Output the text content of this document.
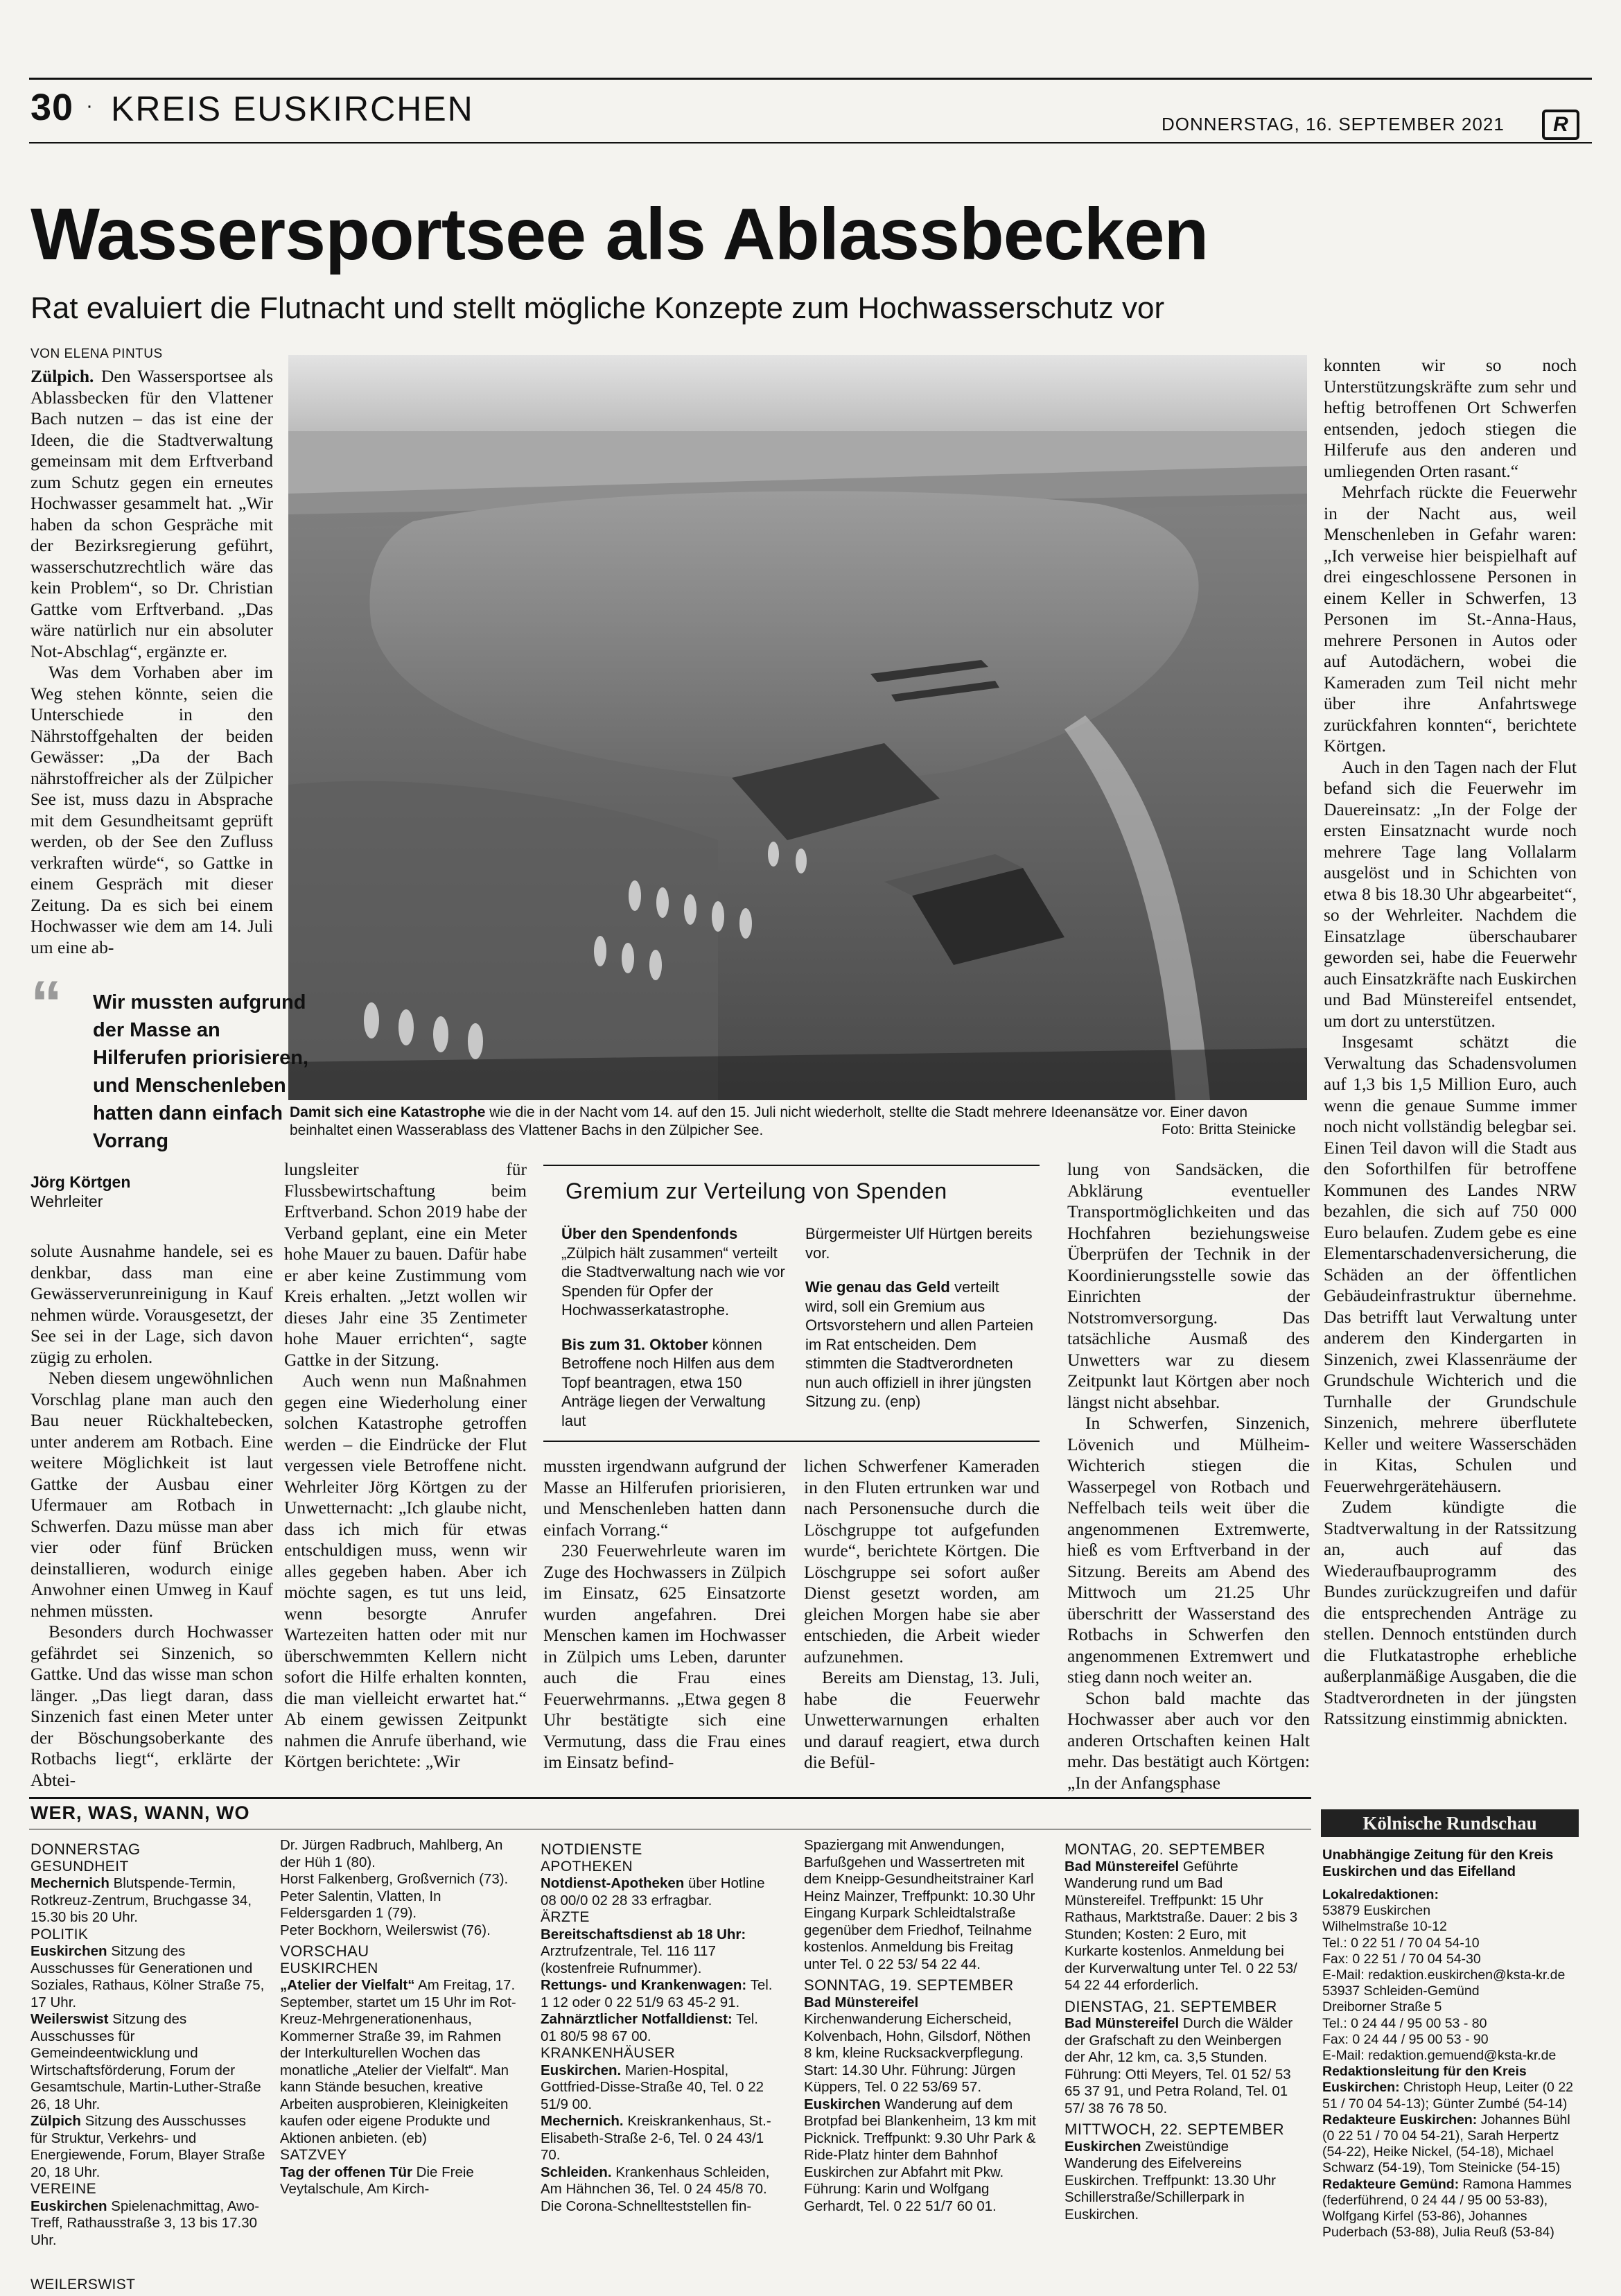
30 · KREIS EUSKIRCHEN	DONNERSTAG, 16. SEPTEMBER 2021	R
Wassersportsee als Ablassbecken
Rat evaluiert die Flutnacht und stellt mögliche Konzepte zum Hochwasserschutz vor
VON ELENA PINTUS
Damit sich eine Katastrophe wie die in der Nacht vom 14. auf den 15. Juli nicht wiederholt, stellte die Stadt mehrere Ideenansätze vor. Einer davon beinhaltet einen Wasserablass des Vlattener Bachs in den Zülpicher See.	Foto: Britta Steinicke

Zülpich. Den Wassersportsee als Ablassbecken für den Vlattener Bach nutzen – das ist eine der Ideen, die die Stadtverwaltung gemeinsam mit dem Erftverband zum Schutz gegen ein erneutes Hochwasser gesammelt hat. „Wir haben da schon Gespräche mit der Bezirksregierung geführt, wasserschutzrechtlich wäre das kein Problem“, so Dr. Christian Gattke vom Erftverband. „Das wäre natürlich nur ein absoluter Not-Abschlag“, ergänzte er.

Was dem Vorhaben aber im Weg stehen könnte, seien die Unterschiede in den Nährstoffgehalten der beiden Gewässer: „Da der Bach nährstoffreicher als der Zülpicher See ist, muss dazu in Absprache mit dem Gesundheitsamt geprüft werden, ob der See den Zufluss verkraften würde“, so Gattke in einem Gespräch mit dieser Zeitung. Da es sich bei einem Hochwasser wie dem am 14. Juli um eine ab-

“ Wir mussten aufgrund der Masse an Hilferufen priorisieren, und Menschenleben hatten dann einfach Vorrang
Jörg Körtgen
Wehrleiter

solute Ausnahme handele, sei es denkbar, dass man eine Gewässerverunreinigung in Kauf nehmen würde. Vorausgesetzt, der See sei in der Lage, sich davon zügig zu erholen.

Neben diesem ungewöhnlichen Vorschlag plane man auch den Bau neuer Rückhaltebecken, unter anderem am Rotbach. Eine weitere Möglichkeit ist laut Gattke der Ausbau einer Ufermauer am Rotbach in Schwerfen. Dazu müsse man aber vier oder fünf Brücken deinstallieren, wodurch einige Anwohner einen Umweg in Kauf nehmen müssten.

Besonders durch Hochwasser gefährdet sei Sinzenich, so Gattke. Und das wisse man schon länger. „Das liegt daran, dass Sinzenich fast einen Meter unter der Böschungsoberkante des Rotbachs liegt“, erklärte der Abtei-

lungsleiter für Flussbewirtschaftung beim Erftverband. Schon 2019 habe der Verband geplant, eine ein Meter hohe Mauer zu bauen. Dafür habe er aber keine Zustimmung vom Kreis erhalten. „Jetzt wollen wir dieses Jahr eine 35 Zentimeter hohe Mauer errichten“, sagte Gattke in der Sitzung.

Auch wenn nun Maßnahmen gegen eine Wiederholung einer solchen Katastrophe getroffen werden – die Eindrücke der Flut vergessen viele Betroffene nicht. Wehrleiter Jörg Körtgen zu der Unwetternacht: „Ich glaube nicht, dass ich mich für etwas entschuldigen muss, wenn wir alles gegeben haben. Aber ich möchte sagen, es tut uns leid, wenn besorgte Anrufer Wartezeiten hatten oder mit nur überschwemmten Kellern nicht sofort die Hilfe erhalten konnten, die man vielleicht erwartet hat.“ Ab einem gewissen Zeitpunkt nahmen die Anrufe überhand, wie Körtgen berichtete: „Wir

Gremium zur Verteilung von Spenden

Über den Spendenfonds „Zülpich hält zusammen“ verteilt die Stadtverwaltung nach wie vor Spenden für Opfer der Hochwasserkatastrophe.

Bis zum 31. Oktober können Betroffene noch Hilfen aus dem Topf beantragen, etwa 150 Anträge liegen der Verwaltung laut

Bürgermeister Ulf Hürtgen bereits vor.

Wie genau das Geld verteilt wird, soll ein Gremium aus Ortsvorstehern und allen Parteien im Rat entscheiden. Dem stimmten die Stadtverordneten nun auch offiziell in ihrer jüngsten Sitzung zu. (enp)

mussten irgendwann aufgrund der Masse an Hilferufen priorisieren, und Menschenleben hatten dann einfach Vorrang.“

230 Feuerwehrleute waren im Zuge des Hochwassers in Zülpich im Einsatz, 625 Einsatzorte wurden angefahren. Drei Menschen kamen im Hochwasser in Zülpich ums Leben, darunter auch die Frau eines Feuerwehrmanns. „Etwa gegen 8 Uhr bestätigte sich eine Vermutung, dass die Frau eines im Einsatz befind-

lichen Schwerfener Kameraden in den Fluten ertrunken war und nach Personensuche durch die Löschgruppe tot aufgefunden wurde“, berichtete Körtgen. Die Löschgruppe sei sofort außer Dienst gesetzt worden, am gleichen Morgen habe sie aber entschieden, die Arbeit wieder aufzunehmen.

Bereits am Dienstag, 13. Juli, habe die Feuerwehr Unwetterwarnungen erhalten und darauf reagiert, etwa durch die Befül-

lung von Sandsäcken, die Abklärung eventueller Transportmöglichkeiten und das Hochfahren beziehungsweise Überprüfen der Technik in der Koordinierungsstelle sowie das Einrichten der Notstromversorgung. Das tatsächliche Ausmaß des Unwetters war zu diesem Zeitpunkt laut Körtgen aber noch längst nicht absehbar.

In Schwerfen, Sinzenich, Lövenich und Mülheim-Wichterich stiegen die Wasserpegel von Rotbach und Neffelbach teils weit über die angenommenen Extremwerte, hieß es vom Erftverband in der Sitzung. Bereits am Abend des Mittwoch um 21.25 Uhr überschritt der Wasserstand des Rotbachs in Schwerfen den angenommenen Extremwert und stieg dann noch weiter an.

Schon bald machte das Hochwasser aber auch vor den anderen Ortschaften keinen Halt mehr. Das bestätigt auch Körtgen: „In der Anfangsphase

konnten wir so noch Unterstützungskräfte zum sehr und heftig betroffenen Ort Schwerfen entsenden, jedoch stiegen die Hilferufe aus den anderen und umliegenden Orten rasant.“

Mehrfach rückte die Feuerwehr in der Nacht aus, weil Menschenleben in Gefahr waren: „Ich verweise hier beispielhaft auf drei eingeschlossene Personen in einem Keller in Schwerfen, 13 Personen im St.-Anna-Haus, mehrere Personen in Autos oder auf Autodächern, wobei die Kameraden zum Teil nicht mehr über ihre Anfahrtswege zurückfahren konnten“, berichtete Körtgen.

Auch in den Tagen nach der Flut befand sich die Feuerwehr im Dauereinsatz: „In der Folge der ersten Einsatznacht wurde noch mehrere Tage lang Vollalarm ausgelöst und in Schichten von etwa 8 bis 18.30 Uhr abgearbeitet“, so der Wehrleiter. Nachdem die Einsatzlage überschaubarer geworden sei, habe die Feuerwehr auch Einsatzkräfte nach Euskirchen und Bad Münstereifel entsendet, um dort zu unterstützen.

Insgesamt schätzt die Verwaltung das Schadensvolumen auf 1,3 bis 1,5 Million Euro, auch wenn die genaue Summe immer noch nicht vollständig belegbar sei. Einen Teil davon will die Stadt aus den Soforthilfen für betroffene Kommunen des Landes NRW bezahlen, die sich auf 750 000 Euro belaufen. Zudem gebe es eine Elementarschadenversicherung, die Schäden an der öffentlichen Gebäudeinfrastruktur übernehme. Das betrifft laut Verwaltung unter anderem den Kindergarten in Sinzenich, zwei Klassenräume der Grundschule Wichterich und die Turnhalle der Grundschule Sinzenich, mehrere überflutete Keller und weitere Wasserschäden in Kitas, Schulen und Feuerwehrgerätehäusern.

Zudem kündigte die Stadtverwaltung in der Ratssitzung an, auch auf das Wiederaufbauprogramm des Bundes zurückzugreifen und dafür die entsprechenden Anträge zu stellen. Dennoch entstünden durch die Flutkatastrophe erhebliche außerplanmäßige Ausgaben, die die Stadtverordneten in der jüngsten Ratssitzung einstimmig abnickten.

WER, WAS, WANN, WO

DONNERSTAG

GESUNDHEIT

Mechernich Blutspende-Termin, Rotkreuz-Zentrum, Bruchgasse 34, 15.30 bis 20 Uhr.

POLITIK

Euskirchen Sitzung des Ausschusses für Generationen und Soziales, Rathaus, Kölner Straße 75, 17 Uhr.

Weilerswist Sitzung des Ausschusses für Gemeindeentwicklung und Wirtschaftsförderung, Forum der Gesamtschule, Martin-Luther-Straße 26, 18 Uhr.

Zülpich Sitzung des Ausschusses für Struktur, Verkehrs- und Energiewende, Forum, Blayer Straße 20, 18 Uhr.

VEREINE

Euskirchen Spielenachmittag, Awo-Treff, Rathausstraße 3, 13 bis 17.30 Uhr.

WEILERSWIST

Dr. Jürgen Radbruch, Mahlberg, An der Hüh 1 (80).

Horst Falkenberg, Großvernich (73).

Peter Salentin, Vlatten, In Feldersgarden 1 (79).

Peter Bockhorn, Weilerswist (76).

VORSCHAU

EUSKIRCHEN

„Atelier der Vielfalt“ Am Freitag, 17. September, startet um 15 Uhr im Rot-Kreuz-Mehrgenerationenhaus, Kommerner Straße 39, im Rahmen der Interkulturellen Wochen das monatliche „Atelier der Vielfalt“. Man kann Stände besuchen, kreative Arbeiten ausprobieren, Kleinigkeiten kaufen oder eigene Produkte und Aktionen anbieten. (eb)

SATZVEY

Tag der offenen Tür Die Freie Veytalschule, Am Kirch-

NOTDIENSTE

APOTHEKEN

Notdienst-Apotheken über Hotline 08 00/0 02 28 33 erfragbar.

ÄRZTE

Bereitschaftsdienst ab 18 Uhr: Arztrufzentrale, Tel. 116 117 (kostenfreie Rufnummer).

Rettungs- und Krankenwagen: Tel. 1 12 oder 0 22 51/9 63 45-2 91.

Zahnärztlicher Notfalldienst: Tel. 01 80/5 98 67 00.

KRANKENHÄUSER

Euskirchen. Marien-Hospital, Gottfried-Disse-Straße 40, Tel. 0 22 51/9 00.

Mechernich. Kreiskrankenhaus, St.-Elisabeth-Straße 2-6, Tel. 0 24 43/1 70.

Schleiden. Krankenhaus Schleiden, Am Hähnchen 36, Tel. 0 24 45/8 70.

Die Corona-Schnellteststellen fin-

Spaziergang mit Anwendungen, Barfußgehen und Wassertreten mit dem Kneipp-Gesundheitstrainer Karl Heinz Mainzer, Treffpunkt: 10.30 Uhr Eingang Kurpark Schleidtalstraße gegenüber dem Friedhof, Teilnahme kostenlos. Anmeldung bis Freitag unter Tel. 0 22 53/ 54 22 44.

SONNTAG, 19. SEPTEMBER

Bad Münstereifel Kirchenwanderung Eicherscheid, Kolvenbach, Hohn, Gilsdorf, Nöthen 8 km, kleine Rucksackverpflegung. Start: 14.30 Uhr. Führung: Jürgen Küppers, Tel. 0 22 53/69 57.

Euskirchen Wanderung auf dem Brotpfad bei Blankenheim, 13 km mit Picknick. Treffpunkt: 9.30 Uhr Park & Ride-Platz hinter dem Bahnhof Euskirchen zur Abfahrt mit Pkw. Führung: Karin und Wolfgang Gerhardt, Tel. 0 22 51/7 60 01.

MONTAG, 20. SEPTEMBER

Bad Münstereifel Geführte Wanderung rund um Bad Münstereifel. Treffpunkt: 15 Uhr Rathaus, Marktstraße. Dauer: 2 bis 3 Stunden; Kosten: 2 Euro, mit Kurkarte kostenlos. Anmeldung bei der Kurverwaltung unter Tel. 0 22 53/ 54 22 44 erforderlich.

DIENSTAG, 21. SEPTEMBER

Bad Münstereifel Durch die Wälder der Grafschaft zu den Weinbergen der Ahr, 12 km, ca. 3,5 Stunden. Führung: Otti Meyers, Tel. 01 52/ 53 65 37 91, und Petra Roland, Tel. 01 57/ 38 76 78 50.

MITTWOCH, 22. SEPTEMBER

Euskirchen Zweistündige Wanderung des Eifelvereins Euskirchen. Treffpunkt: 13.30 Uhr Schillerstraße/Schillerpark in Euskirchen.

Kölnische Rundschau
Unabhängige Zeitung für den Kreis Euskirchen und das Eifelland

Lokalredaktionen:

53879 Euskirchen

Wilhelmstraße 10-12

Tel.: 0 22 51 / 70 04 54-10

Fax: 0 22 51 / 70 04 54-30

E-Mail: redaktion.euskirchen@ksta-kr.de

53937 Schleiden-Gemünd

Dreiborner Straße 5

Tel.: 0 24 44 / 95 00 53 - 80

Fax: 0 24 44 / 95 00 53 - 90

E-Mail: redaktion.gemuend@ksta-kr.de

Redaktionsleitung für den Kreis Euskirchen: Christoph Heup, Leiter (0 22 51 / 70 04 54-13); Günter Zumbé (54-14)

Redakteure Euskirchen: Johannes Bühl (0 22 51 / 70 04 54-21), Sarah Herpertz (54-22), Heike Nickel, (54-18), Michael Schwarz (54-19), Tom Steinicke (54-15)

Redakteure Gemünd: Ramona Hammes (federführend, 0 24 44 / 95 00 53-83), Wolfgang Kirfel (53-86), Johannes Puderbach (53-88), Julia Reuß (53-84)
